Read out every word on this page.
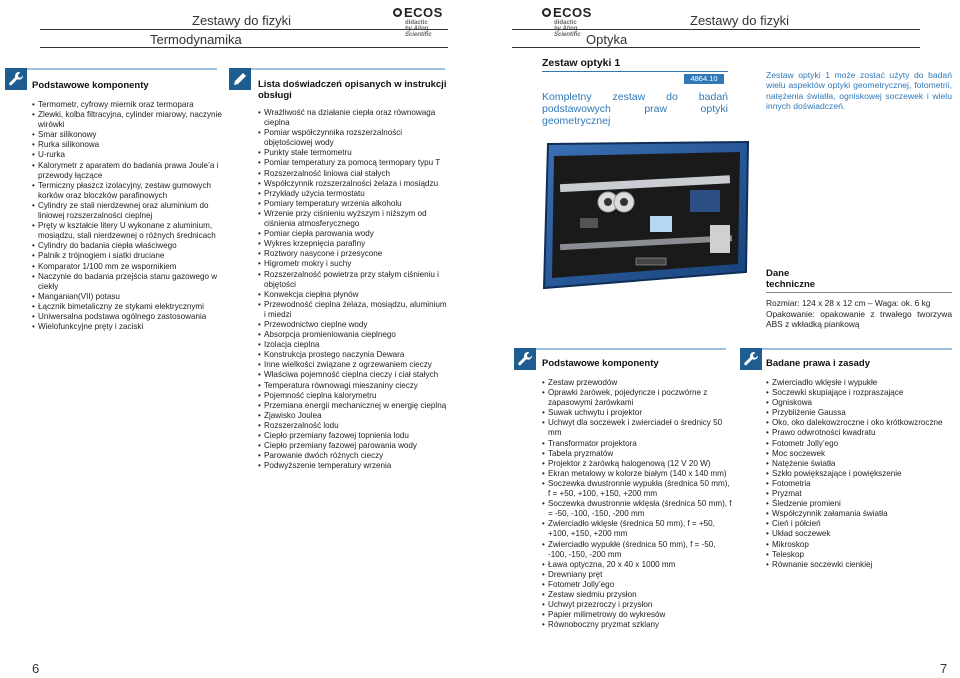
Zestawy do fizyki
Termodynamika
ECOS
didactic
Scientific
ECOS
didactic
Scientific
Zestawy do fizyki
Optyka
Podstawowe komponenty
• Termometr, cyfrowy miernik oraz termopara
• Zlewki, kolba filtracyjna, cylinder miarowy, naczynie wirówki
• Smar silikonowy
• Rurka silikonowa
• U-rurka
• Kalorymetr z aparatem do badania prawa Joule’a i przewody łączące
• Termiczny płaszcz izolacyjny, zestaw gumowych korków oraz bloczków parafinowych
• Cylindry ze stali nierdzewnej oraz aluminium do liniowej rozszerzalności cieplnej
• Pręty w kształcie litery U wykonane z aluminium, mosiądzu, stali nierdzewnej o różnych średnicach
• Cylindry do badania ciepła właściwego
• Palnik z trójnogiem i siatki druciane
• Komparator 1/100 mm ze wspornikiem
• Naczynie do badania przejścia stanu gazowego w ciekły
• Manganian(VII) potasu
• Łącznik bimetaliczny ze stykami elektrycznymi
• Uniwersalna podstawa ogólnego zastosowania
• Wielofunkcyjne pręty i zaciski
Lista doświadczeń opisanych w instrukcji obsługi
• Wrażliwość na działanie ciepła oraz równowaga cieplna
• Pomiar współczynnika rozszerzalności objętościowej wody
• Punkty stałe termometru
• Pomiar temperatury za pomocą termopary typu T
• Rozszerzalność liniowa ciał stałych
• Współczynnik rozszerzalności żelaza i mosiądzu
• Przykłady użycia termostatu
• Pomiary temperatury wrzenia alkoholu
• Wrzenie przy ciśnieniu wyższym i niższym od ciśnienia atmosferycznego
• Pomiar ciepła parowania wody
• Wykres krzepnięcia parafiny
• Roztwory nasycone i przesycone
• Higrometr mokry i suchy
• Rozszerzalność powietrza przy stałym ciśnieniu i objętości
• Konwekcja ciepłna płynów
• Przewodność cieplna żelaza, mosiądzu, aluminium i miedzi
• Przewodnictwo cieplne wody
• Absorpcja promieniowania cieplnego
• Izolacja cieplna
• Konstrukcja prostego naczynia Dewara
• Inne wielkości związane z ogrzewaniem cieczy
• Właściwa pojemność cieplna cieczy i ciał stałych
• Temperatura równowagi mieszaniny cieczy
• Pojemność cieplna kalorymetru
• Przemiana energii mechanicznej w energię cieplną
• Zjawisko Joulea
• Rozszerzalność lodu
• Ciepło przemiany fazowej topnienia lodu
• Ciepło przemiany fazowej parowania wody
• Parowanie dwóch różnych cieczy
• Podwyższenie temperatury wrzenia
6
Zestaw optyki 1
4864.10
Kompletny zestaw do badań podstawowych praw optyki geometrycznej
Zestaw optyki 1 może zostać użyty do badań wielu aspektów optyki geometrycznej, fotometrii, natężenia światła, ogniskowej soczewek i wielu innych doświadczeń.
Dane
techniczne
Rozmiar: 124 x 28 x 12 cm – Waga: ok. 6 kg
Opakowanie: opakowanie z trwałego tworzywa ABS z wkładką piankową
Podstawowe komponenty
• Zestaw przewodów
• Oprawki żarówek, pojedyncze i poczwórne z zapasowymi żarówkami
• Suwak uchwytu i projektor
• Uchwyt dla soczewek i zwierciadeł o średnicy 50 mm
• Transformator projektora
• Tabela pryzmatów
• Projektor z żarówką halogenową (12 V 20 W)
• Ekran metalowy w kolorze białym (140 x 140 mm)
• Soczewka dwustronnie wypukła (średnica 50 mm), f = +50, +100, +150, +200 mm
• Soczewka dwustronnie wklęsła (średnica 50 mm), f = -50, -100, -150, -200 mm
• Zwierciadło wklęsłe (średnica 50 mm), f = +50, +100, +150, +200 mm
• Zwierciadło wypukłe (średnica 50 mm), f = -50, -100, -150, -200 mm
• Ława optyczna, 20 x 40 x 1000 mm
• Drewniany pręt
• Fotometr Jolly’ego
• Zestaw siedmiu przysłon
• Uchwyt przezroczy i przysłon
• Papier milimetrowy do wykresów
• Równoboczny pryzmat szklany
Badane prawa i zasady
• Zwierciadło wklęsłe i wypukłe
• Soczewki skupiające i rozpraszające
• Ogniskowa
• Przybliżenie Gaussa
• Oko, oko dalekowzroczne i oko krótkowzroczne
• Prawo odwrotności kwadratu
• Fotometr Jolly’ego
• Moc soczewek
• Natężenie światła
• Szkło powiększające i powiększenie
• Fotometria
• Pryzmat
• Śledzenie promieni
• Współczynnik załamania światła
• Cień i półcień
• Układ soczewek
• Mikroskop
• Teleskop
• Równanie soczewki cienkiej
7
